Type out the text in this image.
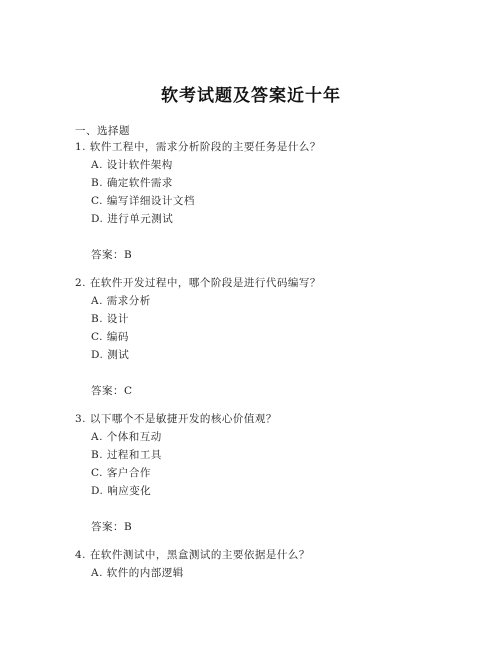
软考试题及答案近十年

一、选择题

1. 软件工程中，需求分析阶段的主要任务是什么？

A. 设计软件架构
B. 确定软件需求
C. 编写详细设计文档
D. 进行单元测试

答案：B

2. 在软件开发过程中，哪个阶段是进行代码编写？

A. 需求分析
B. 设计
C. 编码
D. 测试

答案：C

3. 以下哪个不是敏捷开发的核心价值观？

A. 个体和互动
B. 过程和工具
C. 客户合作
D. 响应变化

答案：B

4. 在软件测试中，黑盒测试的主要依据是什么？

A. 软件的内部逻辑
